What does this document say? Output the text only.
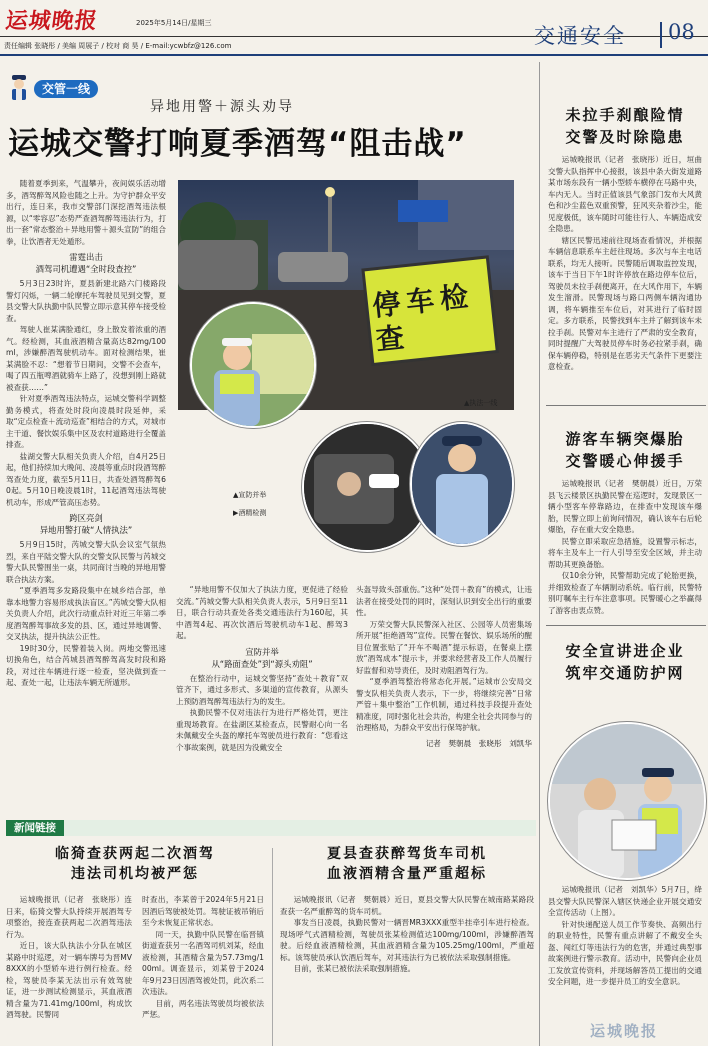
运城晚报	2025年5月14日/星期三
责任编辑 张晓彤 / 美编 周展子 / 校对 商 昊 / E-mail:ycwbfz@126.com	交通安全 08
交管一线
异地用警＋源头劝导
运城交警打响夏季酒驾“阻击战”

随着夏季到来，气温攀升，夜间娱乐活动增多，酒驾醉驾风险也随之上升。为守护群众平安出行，连日来，我市交警部门深挖酒驾违法根源，以“零容忍”态势严查酒驾醉驾违法行为，打出一套“常态整治＋异地用警＋源头宣防”的组合拳，让饮酒者无处遁形。

雷霆出击
酒驾司机遭遇“全时段查控”

5月3日23时许，夏县新建北路六门楼路段警灯闪烁，一辆二轮摩托车驾驶员见到交警，夏县交警大队执勤中队民警立即示意其停车接受检查。

驾驶人崔某满脸通红，身上散发着浓重的酒气。经检测，其血液酒精含量高达82mg/100ml，涉嫌醉酒驾驶机动车。面对检测结果，崔某满脸不忍：“想着节日期间，交警不会查车，喝了四五瓶啤酒就骑车上路了，没想到刚上路就被查获……”

针对夏季酒驾违法特点，运城交警科学调整勤务模式，将查处时段向凌晨时段延伸，采取“定点检查＋流动巡查”相结合的方式，对城市主干道、餐饮娱乐集中区及农村道路进行全覆盖排查。

盐湖交警大队相关负责人介绍，自4月25日起，他们持续加大晚间、凌晨等重点时段酒驾醉驾查处力度，截至5月11日，共查处酒驾醉驾60起。5月10日晚凌晨1时，11起酒驾违法驾驶机动车，形成严管高压态势。

跨区亮剑
异地用警打破“人情执法”

5月9日15时，芮城交警大队会议室气氛热烈，来自平陆交警大队的交警支队民警与芮城交警大队民警围坐一桌，共同商讨当晚的异地用警联合执法方案。

“夏季酒驾多发路段集中在城乡结合部，单靠本地警力容易形成执法盲区。”芮城交警大队相关负责人介绍，此次行动重点针对近三年第二季度酒驾醉驾事故多发的县、区，通过异地调警、交叉执法，提升执法公正性。

19时30分，民警着装入岗。两地交警迅速切换角色，结合芮城县酒驾醉驾高发时段和路段，对过往车辆进行逐一检查，坚决做到查一起、查处一起，让违法车辆无所遁形。

停车检查
▲执法一线
▲宣防并举
▶酒精检测

“异地用警不仅加大了执法力度，更促进了经验交流。”芮城交警大队相关负责人表示，5月9日至11日，联合行动共查处各类交通违法行为160起，其中酒驾4起、再次饮酒后驾驶机动车1起、醉驾3起。

宣防并举
从“路面查处”到“源头劝阻”

在整治行动中，运城交警坚持“查处＋教育”双管齐下，通过多形式、多渠道的宣传教育，从源头上预防酒驾醉驾违法行为的发生。

执勤民警不仅对违法行为进行严格处罚，更注重现场教育。在盐湖区某检查点，民警耐心向一名未佩戴安全头盔的摩托车驾驶员进行教育：“您看这个事故案例，就是因为没戴安全

头盔导致头部重伤。”这种“处罚＋教育”的模式，让违法者在接受处罚的同时，深刻认识到安全出行的重要性。

万荣交警大队民警深入社区、公园等人员密集场所开展“拒绝酒驾”宣传。民警在餐饮、娱乐场所的醒目位置张贴了“开车不喝酒”提示标语，在餐桌上摆放“酒驾成本”提示卡，并要求经营者及工作人员履行好监督和劝导责任，及时劝阻酒驾行为。

“夏季酒驾整治将常态化开展。”运城市公安局交警支队相关负责人表示，下一步，将继续完善“日常严管＋集中整治”工作机制，通过科技手段提升查处精准度，同时强化社会共治，构建全社会共同参与的治理格局，为群众平安出行保驾护航。

记者　樊朝晨　张晓彤　刘凯华
未拉手刹酿险情
交警及时除隐患

运城晚报讯（记者　张晓彤）近日，垣曲交警大队指挥中心接报，该县中条大街发道路某市场东段有一辆小型轿车横停在马路中央，车内无人。当时正值该县气象部门发布大风黄色和沙尘蓝色双重预警，狂风夹杂着沙尘，能见度极低，该车随时可能往行人、车辆造成安全隐患。

辖区民警迅速前往现场查看情况，并根据车辆信息联系车主赶往现场。多次与车主电话联系，均无人接听。民警随后调取监控发现，该车于当日下午1时许停放在路边停车位后，驾驶员未拉手刹便离开，在大风作用下，车辆发生溜滑。民警现场与路口两侧车辆沟通协调，将车辆推至车位后，对其进行了临时固定。多方联系，民警找到车主并了解到该车未拉手刹。民警对车主进行了严肃的安全教育，同时提醒广大驾驶员停车时务必拉紧手刹，确保车辆停稳，特别是在恶劣天气条件下更要注意检查。

游客车辆突爆胎
交警暖心伸援手

运城晚报讯（记者　樊朝晨）近日，万荣县飞云楼景区执勤民警在巡逻时，发现景区一辆小型客车停靠路边，在排查中发现该车爆胎，民警立即上前询问情况，确认该车右后轮爆胎，存在重大安全隐患。

民警立即采取应急措施，设置警示标志，将车主及车上一行人引导至安全区域，并主动帮助其更换备胎。

仅10余分钟，民警帮助完成了轮胎更换，并细致检查了车辆制动系统。临行前，民警特别叮嘱车主行车注意事项。民警暖心之举赢得了游客由衷点赞。

安全宣讲进企业
筑牢交通防护网

运城晚报讯（记者　刘凯华）5月7日，绛县交警大队民警深入辖区快递企业开展交通安全宣传活动（上图）。

针对快递配送人员工作节奏快、高频出行的职业特性，民警有重点讲解了不戴安全头盔、闯红灯等违法行为的危害，并通过典型事故案例进行警示教育。活动中，民警向企业员工发放宣传资料，并现场解答员工提出的交通安全问题，进一步提升员工的安全意识。

新闻链接
临猗查获两起二次酒驾
违法司机均被严惩

运城晚报讯（记者　张晓彤）连日来，临猗交警大队持续开展酒驾专项整治，接连查获两起二次酒驾违法行为。

近日，该大队执法小分队在城区某路中时巡逻，对一辆车牌号为晋MV8XXX的小型轿车进行例行检查。经检，驾驶员李某无法出示有效驾驶证，进一步测试检测显示，其血液酒精含量为71.41mg/100ml，构成饮酒驾驶。民警同

时查出，李某曾于2024年5月21日因酒后驾驶被处罚。驾驶证被吊销后至今未恢复正常状态。

同一天，执勤中队民警在临晋镇街道查获另一名酒驾司机刘某，经血液检测，其酒精含量为57.73mg/100ml。调查显示，刘某曾于2024年9月23日因酒驾被处罚，此次系二次违法。

目前，两名违法驾驶员均被依法严惩。

夏县查获醉驾货车司机
血液酒精含量严重超标

运城晚报讯（记者　樊朝晨）近日，夏县交警大队民警在城南路某路段查获一名严重醉驾的货车司机。

事发当日凌晨，执勤民警对一辆晋MR3XXX重型半挂牵引车进行检查。现场呼气式酒精检测，驾驶员张某检测值达100mg/100ml，涉嫌醉酒驾驶。后经血液酒精检测，其血液酒精含量为105.25mg/100ml，严重超标。该驾驶员承认饮酒后驾车，对其违法行为已被依法采取强制措施。

目前，张某已被依法采取强制措施。

运城晚报
